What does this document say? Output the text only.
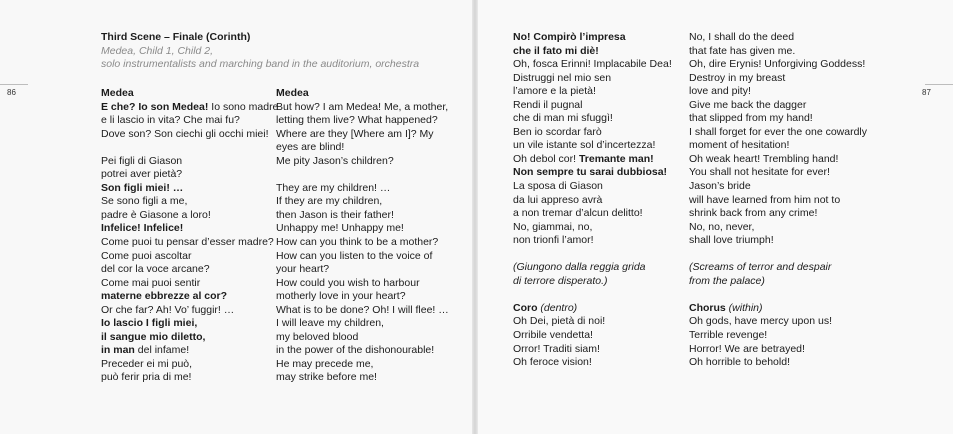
86	87
Third Scene – Finale (Corinth)
Medea, Child 1, Child 2,
solo instrumentalists and marching band in the auditorium, orchestra
Medea
E che? Io son Medea! Io sono madre
e li lascio in vita? Che mai fu?
Dove son? Son ciechi gli occhi miei!
Pei figli di Giason
potrei aver pietà?
Son figli miei! …
Se sono figli a me,
padre è Giasone a loro!
Infelice! Infelice!
Come puoi tu pensar d’esser madre?
Come puoi ascoltar
del cor la voce arcane?
Come mai puoi sentir
materne ebbrezze al cor?
Or che far? Ah! Vo’ fuggir! …
Io lascio I figli miei,
il sangue mio diletto,
in man del infame!
Preceder ei mi può,
può ferir pria di me!
Medea
But how? I am Medea! Me, a mother,
letting them live? What happened?
Where are they [Where am I]? My
eyes are blind!
Me pity Jason’s children?
They are my children! …
If they are my children,
then Jason is their father!
Unhappy me! Unhappy me!
How can you think to be a mother?
How can you listen to the voice of
your heart?
How could you wish to harbour
motherly love in your heart?
What is to be done? Oh! I will flee! …
I will leave my children,
my beloved blood
in the power of the dishonourable!
He may precede me,
may strike before me!
No! Compirò l’impresa
che il fato mi diè!
Oh, fosca Erinni! Implacabile Dea!
Distruggi nel mio sen
l’amore e la pietà!
Rendi il pugnal
che di man mi sfuggì!
Ben io scordar farò
un vile istante sol d’incertezza!
Oh debol cor! Tremante man!
Non sempre tu sarai dubbiosa!
La sposa di Giason
da lui appreso avrà
a non tremar d’alcun delitto!
No, giammai, no,
non trionfi l’amor!
(Giungono dalla reggia grida
di terrore disperato.)
Coro (dentro)
Oh Dei, pietà di noi!
Orribile vendetta!
Orror! Traditi siam!
Oh feroce vision!
No, I shall do the deed
that fate has given me.
Oh, dire Erynis! Unforgiving Goddess!
Destroy in my breast
love and pity!
Give me back the dagger
that slipped from my hand!
I shall forget for ever the one cowardly
moment of hesitation!
Oh weak heart! Trembling hand!
You shall not hesitate for ever!
Jason’s bride
will have learned from him not to
shrink back from any crime!
No, no, never,
shall love triumph!
(Screams of terror and despair
from the palace)
Chorus (within)
Oh gods, have mercy upon us!
Terrible revenge!
Horror! We are betrayed!
Oh horrible to behold!
